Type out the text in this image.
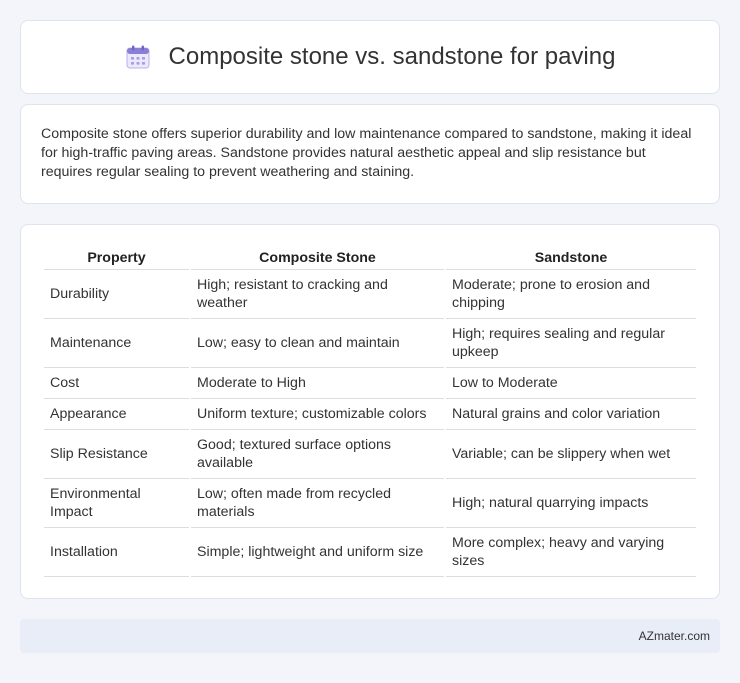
Composite stone vs. sandstone for paving

Composite stone offers superior durability and low maintenance compared to sandstone, making it ideal for high-traffic paving areas. Sandstone provides natural aesthetic appeal and slip resistance but requires regular sealing to prevent weathering and staining.

Property	Composite Stone	Sandstone
Durability	High; resistant to cracking and weather	Moderate; prone to erosion and chipping
Maintenance	Low; easy to clean and maintain	High; requires sealing and regular upkeep
Cost	Moderate to High	Low to Moderate
Appearance	Uniform texture; customizable colors	Natural grains and color variation
Slip Resistance	Good; textured surface options available	Variable; can be slippery when wet
Environmental Impact	Low; often made from recycled materials	High; natural quarrying impacts
Installation	Simple; lightweight and uniform size	More complex; heavy and varying sizes
AZmater.com
